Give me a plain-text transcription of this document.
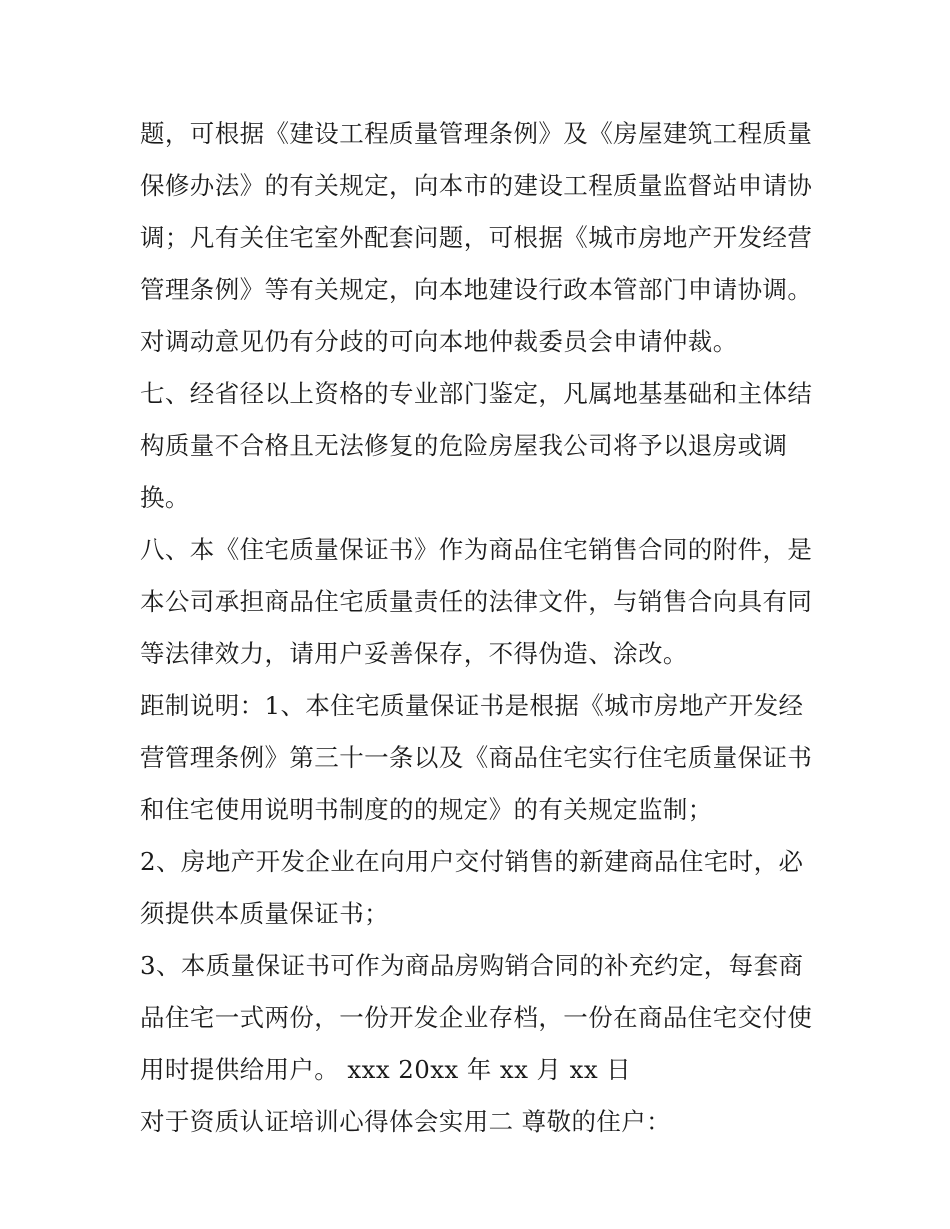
题，可根据《建设工程质量管理条例》及《房屋建筑工程质量
保修办法》的有关规定，向本市的建设工程质量监督站申请协
调；凡有关住宅室外配套问题，可根据《城市房地产开发经营
管理条例》等有关规定，向本地建设行政本管部门申请协调。
对调动意见仍有分歧的可向本地仲裁委员会申请仲裁。
七、经省径以上资格的专业部门鉴定，凡属地基基础和主体结
构质量不合格且无法修复的危险房屋我公司将予以退房或调
换。
八、本《住宅质量保证书》作为商品住宅销售合同的附件，是
本公司承担商品住宅质量责任的法律文件，与销售合向具有同
等法律效力，请用户妥善保存，不得伪造、涂改。
距制说明：1、本住宅质量保证书是根据《城市房地产开发经
营管理条例》第三十一条以及《商品住宅实行住宅质量保证书
和住宅使用说明书制度的的规定》的有关规定监制；
2、房地产开发企业在向用户交付销售的新建商品住宅时，必
须提供本质量保证书；
3、本质量保证书可作为商品房购销合同的补充约定，每套商
品住宅一式两份，一份开发企业存档，一份在商品住宅交付使
用时提供给用户。 xxx 20xx 年 xx 月 xx 日
对于资质认证培训心得体会实用二 尊敬的住户：
